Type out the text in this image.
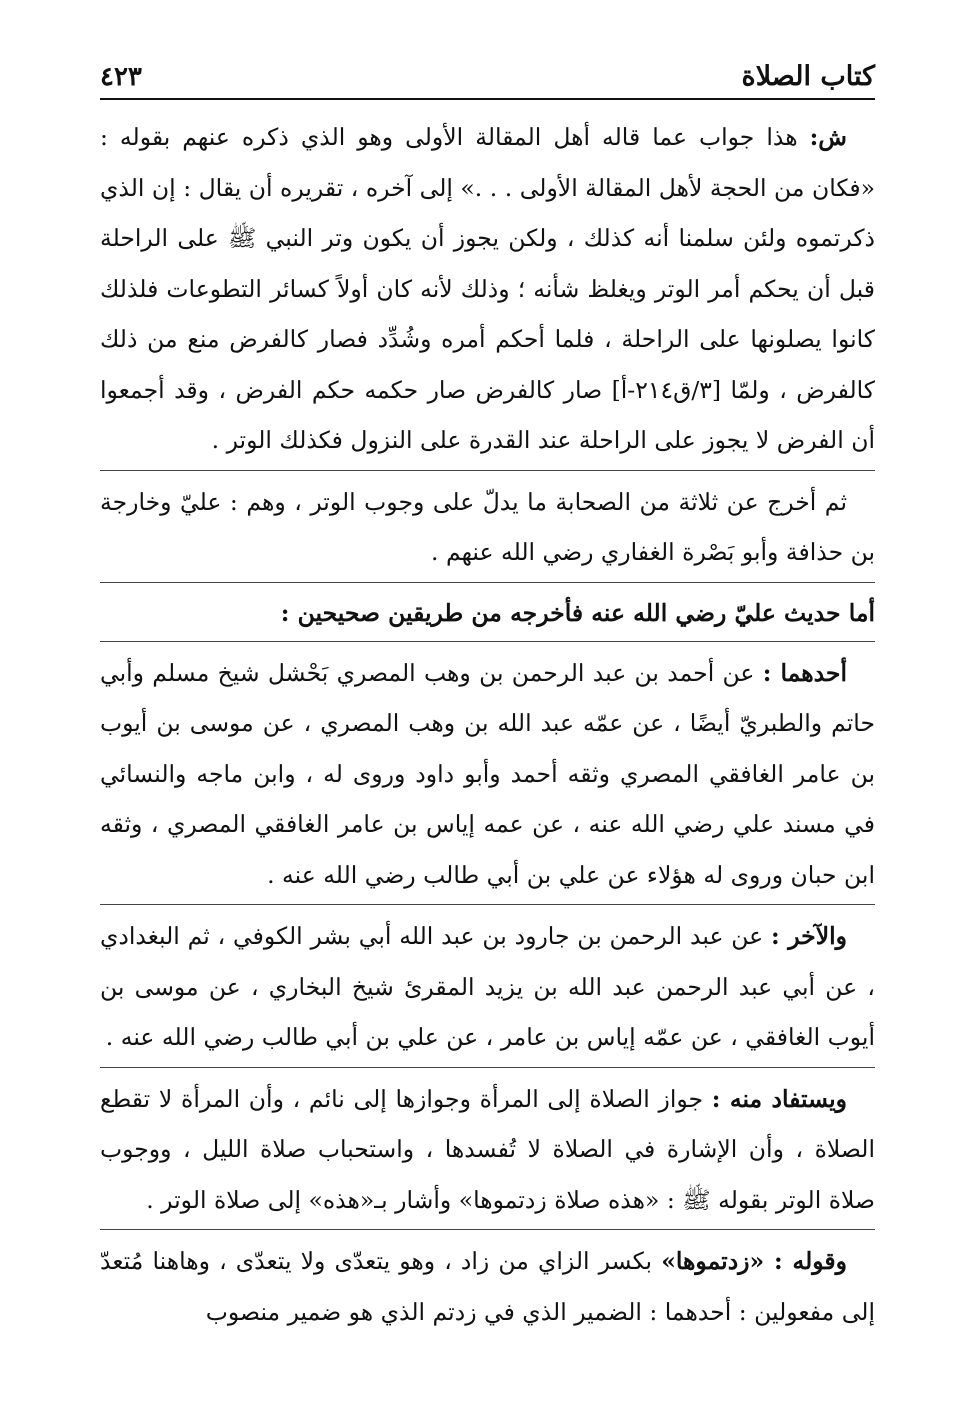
كتاب الصلاة
٤٢٣

ش: هذا جواب عما قاله أهل المقالة الأولى وهو الذي ذكره عنهم بقوله : «فكان من الحجة لأهل المقالة الأولى . . .» إلى آخره ، تقريره أن يقال : إن الذي ذكرتموه ولئن سلمنا أنه كذلك ، ولكن يجوز أن يكون وتر النبي ﷺ على الراحلة قبل أن يحكم أمر الوتر ويغلظ شأنه ؛ وذلك لأنه كان أولاً كسائر التطوعات فلذلك كانوا يصلونها على الراحلة ، فلما أحكم أمره وشُدِّد فصار كالفرض منع من ذلك كالفرض ، ولمّا [٣/ق٢١٤-أ] صار كالفرض صار حكمه حكم الفرض ، وقد أجمعوا أن الفرض لا يجوز على الراحلة عند القدرة على النزول فكذلك الوتر .

ثم أخرج عن ثلاثة من الصحابة ما يدلّ على وجوب الوتر ، وهم : عليّ وخارجة بن حذافة وأبو بَصْرة الغفاري رضي الله عنهم .

أما حديث عليّ رضي الله عنه فأخرجه من طريقين صحيحين :

أحدهما : عن أحمد بن عبد الرحمن بن وهب المصري بَحْشل شيخ مسلم وأبي حاتم والطبريّ أيضًا ، عن عمّه عبد الله بن وهب المصري ، عن موسى بن أيوب بن عامر الغافقي المصري وثقه أحمد وأبو داود وروى له ، وابن ماجه والنسائي في مسند علي رضي الله عنه ، عن عمه إياس بن عامر الغافقي المصري ، وثقه ابن حبان وروى له هؤلاء عن علي بن أبي طالب رضي الله عنه .

والآخر : عن عبد الرحمن بن جارود بن عبد الله أبي بشر الكوفي ، ثم البغدادي ، عن أبي عبد الرحمن عبد الله بن يزيد المقرئ شيخ البخاري ، عن موسى بن أيوب الغافقي ، عن عمّه إياس بن عامر ، عن علي بن أبي طالب رضي الله عنه .

ويستفاد منه : جواز الصلاة إلى المرأة وجوازها إلى نائم ، وأن المرأة لا تقطع الصلاة ، وأن الإشارة في الصلاة لا تُفسدها ، واستحباب صلاة الليل ، ووجوب صلاة الوتر بقوله ﷺ : «هذه صلاة زدتموها» وأشار بـ«هذه» إلى صلاة الوتر .

وقوله : «زدتموها» بكسر الزاي من زاد ، وهو يتعدّى ولا يتعدّى ، وهاهنا مُتعدّ إلى مفعولين : أحدهما : الضمير الذي في زدتم الذي هو ضمير منصوب
